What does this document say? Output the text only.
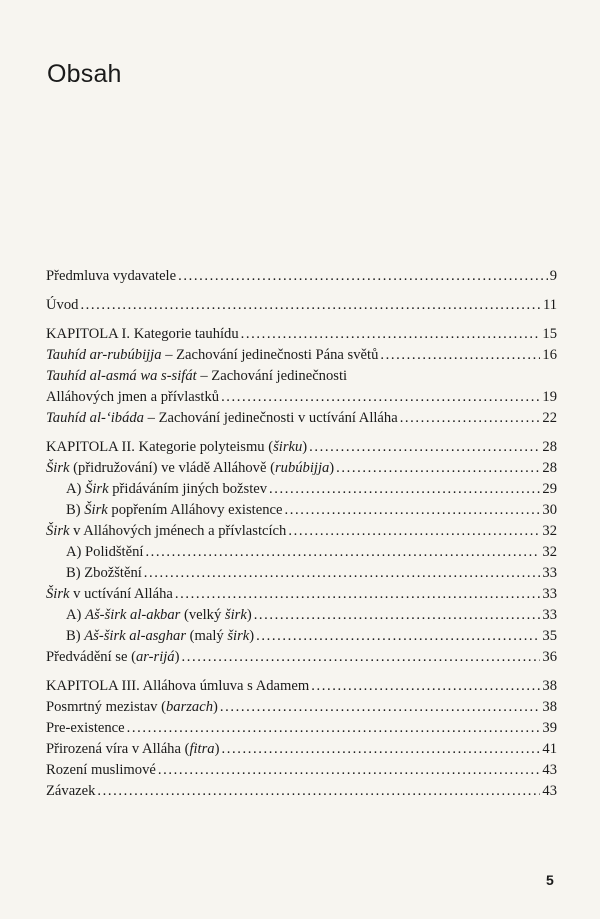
Obsah
Předmluva vydavatele .....	9
Úvod .....	11
KAPITOLA I. Kategorie tauhídu .....	15
Tauhíd ar-rubúbijja – Zachování jedinečnosti Pána světů .....	16
Tauhíd al-asmá wa s-sifát – Zachování jedinečnosti
Alláhových jmen a přívlastků .....	19
Tauhíd al-‘ibáda – Zachování jedinečnosti v uctívání Alláha .....	22
KAPITOLA II. Kategorie polyteismu (širku) .....	28
Širk (přidružování) ve vládě Alláhově (rubúbijja) .....	28
A) Širk přidáváním jiných božstev .....	29
B) Širk popřením Alláhovy existence .....	30
Širk v Alláhových jménech a přívlastcích .....	32
A) Polidštění .....	32
B) Zbožštění .....	33
Širk v uctívání Alláha .....	33
A) Aš-širk al-akbar (velký širk) .....	33
B) Aš-širk al-asghar (malý širk) .....	35
Předvádění se (ar-rijá) .....	36
KAPITOLA III. Alláhova úmluva s Adamem .....	38
Posmrtný mezistav (barzach) .....	38
Pre-existence .....	39
Přirozená víra v Alláha (fitra) .....	41
Rození muslimové .....	43
Závazek .....	43
5
